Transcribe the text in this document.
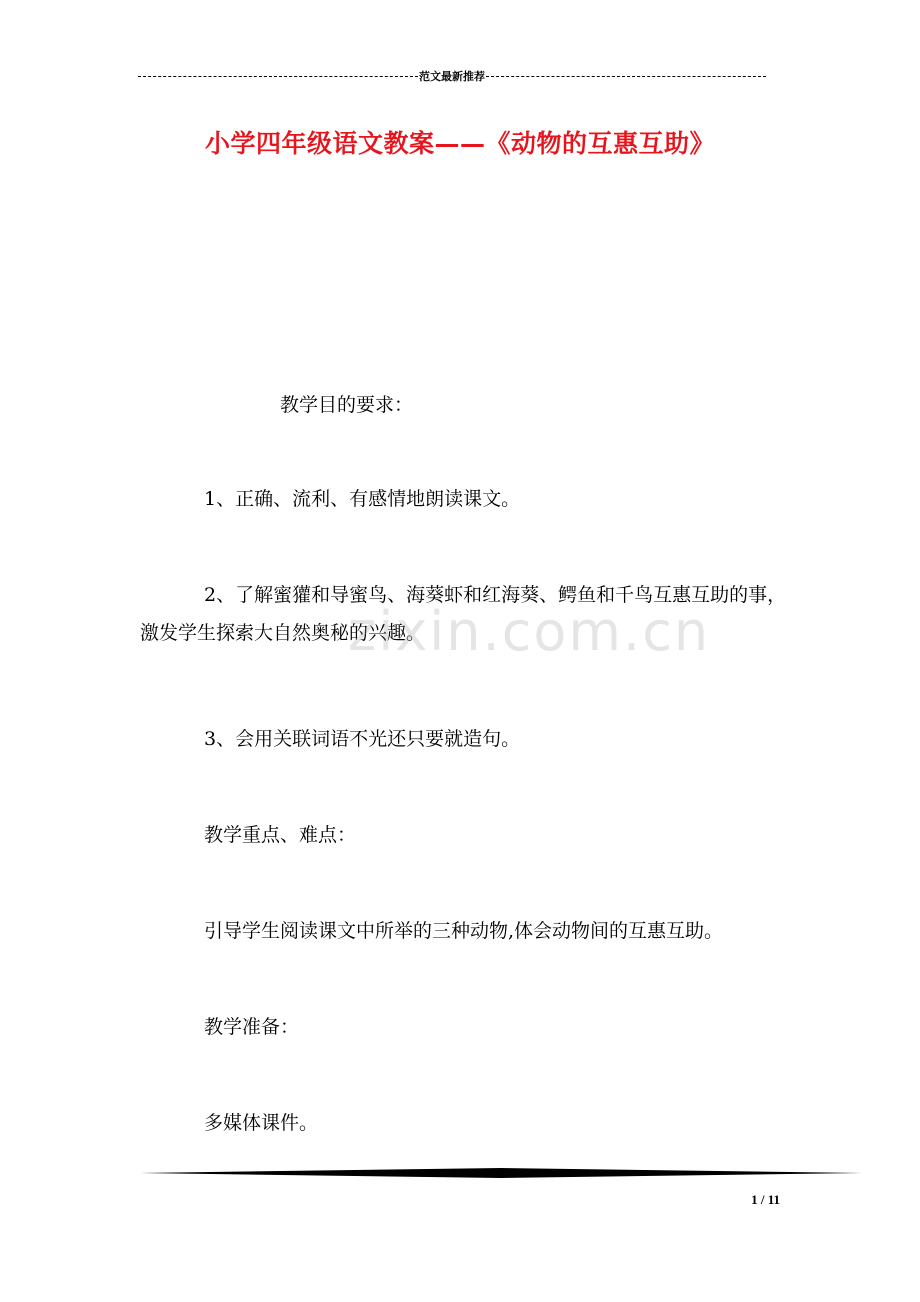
范文最新推荐
小学四年级语文教案——《动物的互惠互助》
教学目的要求：
1、正确、流利、有感情地朗读课文。
2、了解蜜獾和导蜜鸟、海葵虾和红海葵、鳄鱼和千鸟互惠互助的事，激发学生探索大自然奥秘的兴趣。
zixin.com.cn
3、会用关联词语不光还只要就造句。
教学重点、难点：
引导学生阅读课文中所举的三种动物,体会动物间的互惠互助。
教学准备：
多媒体课件。
1 / 11
